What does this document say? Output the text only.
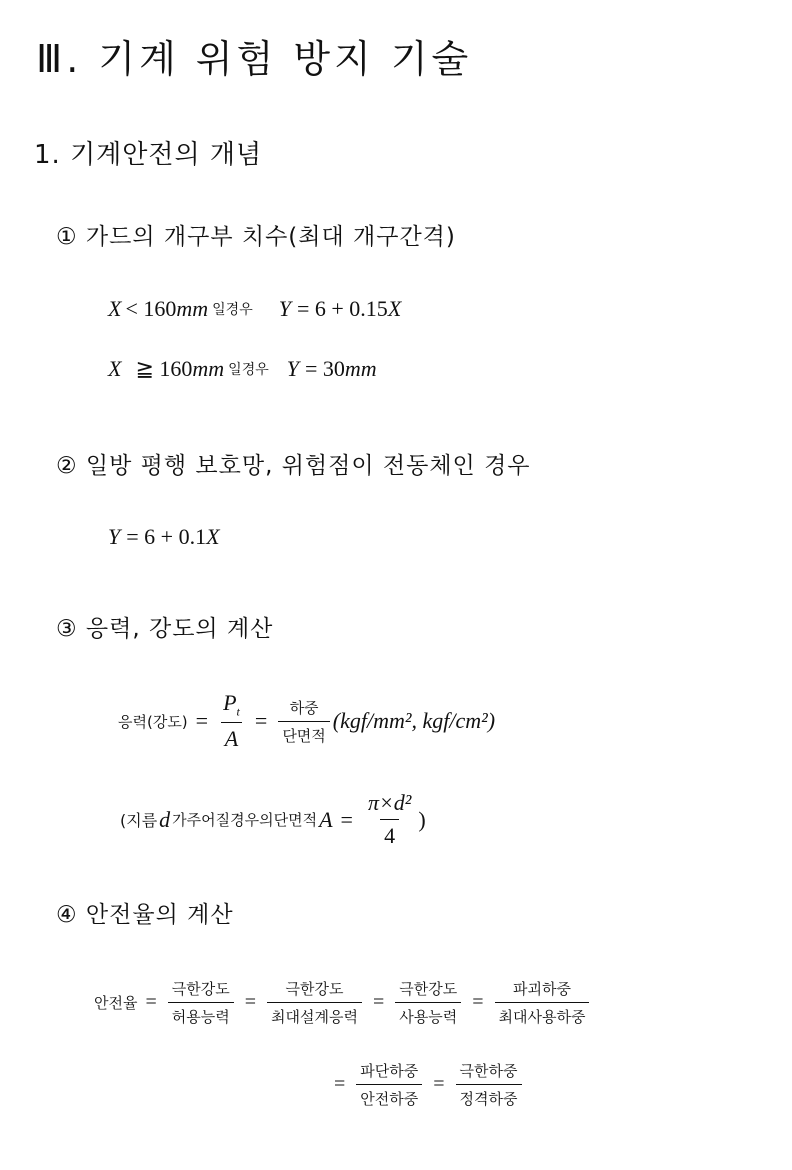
Ⅲ. 기계 위험 방지 기술
1. 기계안전의 개념
① 가드의 개구부 치수(최대 개구간격)
X < 160 mm 일경우 Y = 6 + 0.15 X
X ≧ 160 mm 일경우 Y = 30 mm
② 일방 평행 보호망, 위험점이 전동체인 경우
Y = 6 + 0.1 X
③ 응력, 강도의 계산
응력(강도) = $\frac{P_t}{A} = \frac{\text{하중}}{\text{단면적}} (kgf/mm^2$, kgf/cm²)
(지름 d 가주어질경우의단면적 $A = \frac{\text{π×d²}}{4}$ )
④ 안전율의 계산
안전율 = $\frac{\text{극한강도}}{\text{허용능력}} = \frac{\text{극한강도}}{\text{최대설계응력}} = \frac{\text{극한강도}}{\text{사용능력}} = \frac{\text{파괴하중}}{\text{최대사용하중}}$
= $\frac{\text{파단하중}}{\text{안전하중}} = \frac{\text{극한하중}}{\text{정격하중}}$
